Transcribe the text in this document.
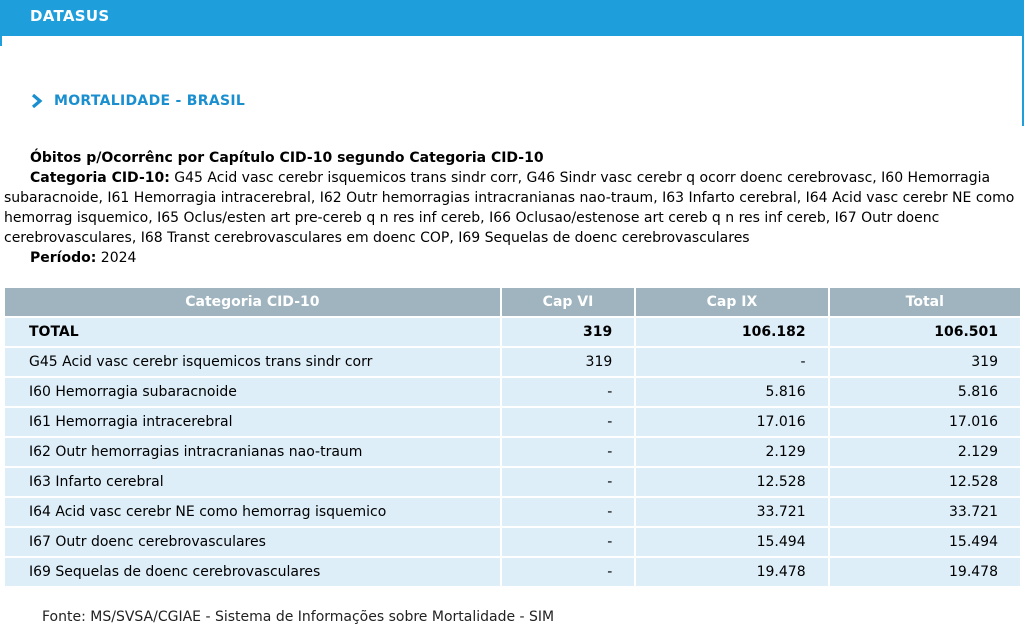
DATASUS
MORTALIDADE - BRASIL
Óbitos p/Ocorrênc por Capítulo CID-10 segundo Categoria CID-10
Categoria CID-10: G45 Acid vasc cerebr isquemicos trans sindr corr, G46 Sindr vasc cerebr q ocorr doenc cerebrovasc, I60 Hemorragia subaracnoide, I61 Hemorragia intracerebral, I62 Outr hemorragias intracranianas nao-traum, I63 Infarto cerebral, I64 Acid vasc cerebr NE como hemorrag isquemico, I65 Oclus/esten art pre-cereb q n res inf cereb, I66 Oclusao/estenose art cereb q n res inf cereb, I67 Outr doenc cerebrovasculares, I68 Transt cerebrovasculares em doenc COP, I69 Sequelas de doenc cerebrovasculares
Período: 2024
Categoria CID-10	Cap VI	Cap IX	Total
TOTAL	319	106.182	106.501
G45 Acid vasc cerebr isquemicos trans sindr corr	319	-	319
I60 Hemorragia subaracnoide	-	5.816	5.816
I61 Hemorragia intracerebral	-	17.016	17.016
I62 Outr hemorragias intracranianas nao-traum	-	2.129	2.129
I63 Infarto cerebral	-	12.528	12.528
I64 Acid vasc cerebr NE como hemorrag isquemico	-	33.721	33.721
I67 Outr doenc cerebrovasculares	-	15.494	15.494
I69 Sequelas de doenc cerebrovasculares	-	19.478	19.478
Fonte: MS/SVSA/CGIAE - Sistema de Informações sobre Mortalidade - SIM
